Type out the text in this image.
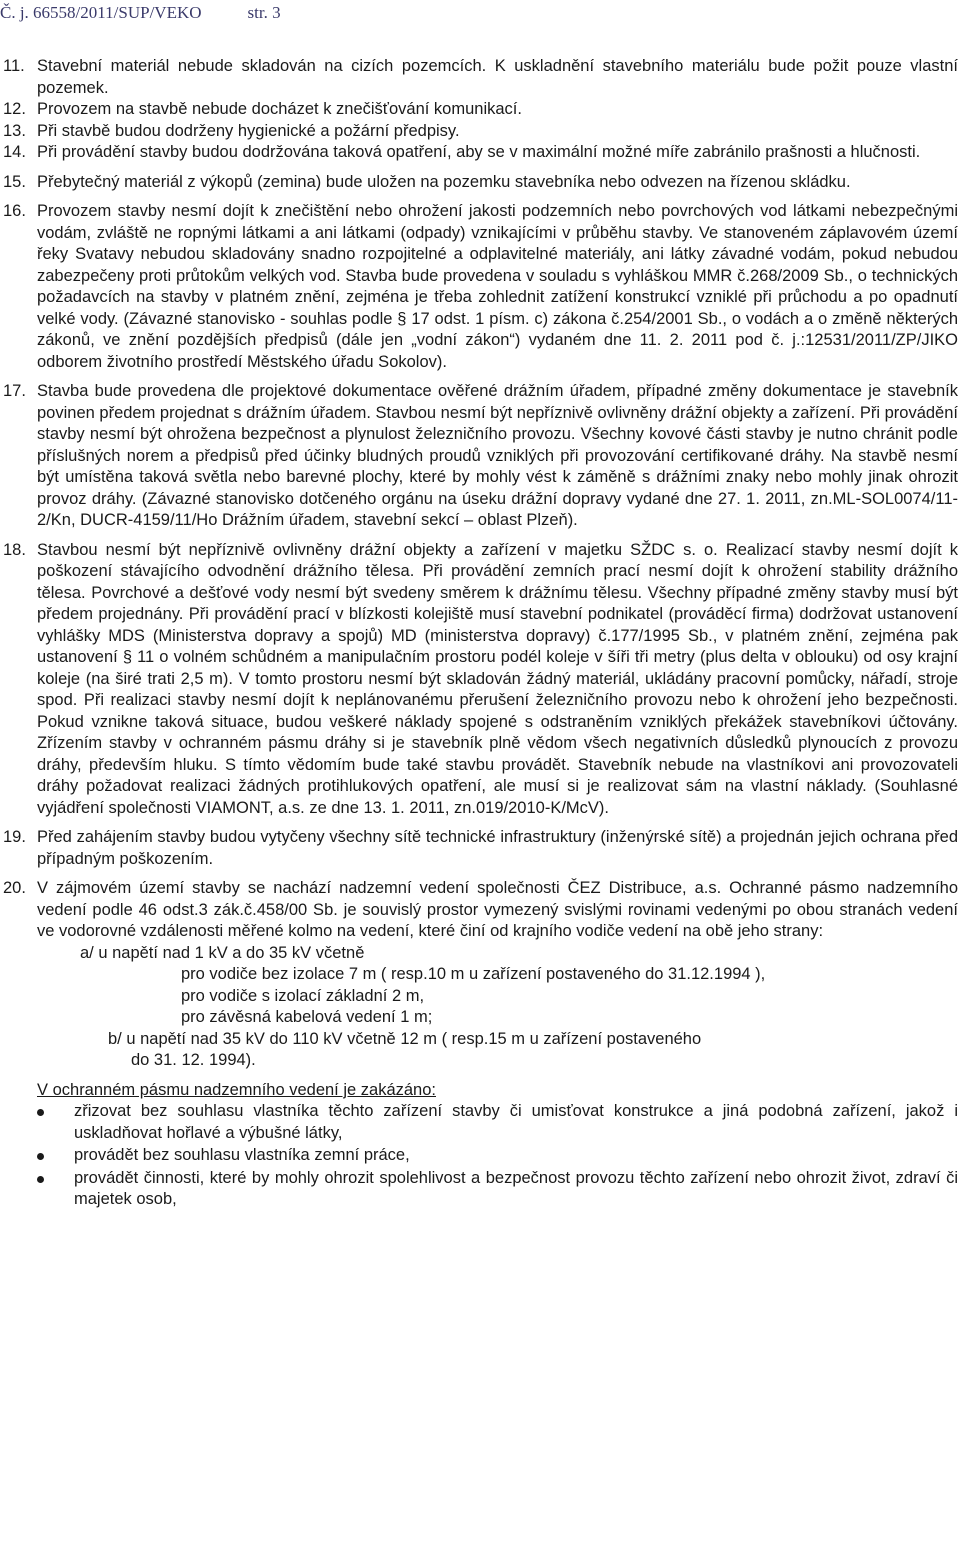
Č. j. 66558/2011/SUP/VEKO	str. 3
11. Stavební materiál nebude skladován na cizích pozemcích. K uskladnění stavebního materiálu bude požit pouze vlastní pozemek.
12. Provozem na stavbě nebude docházet k znečišťování komunikací.
13. Při stavbě budou dodrženy hygienické a požární předpisy.
14. Při provádění stavby budou dodržována taková opatření, aby se v maximální možné míře zabránilo prašnosti a hlučnosti.
15. Přebytečný materiál z výkopů (zemina) bude uložen na pozemku stavebníka nebo odvezen na řízenou skládku.
16. Provozem stavby nesmí dojít k znečištění nebo ohrožení jakosti podzemních nebo povrchových vod látkami nebezpečnými vodám, zvláště ne ropnými látkami a ani látkami (odpady) vznikajícími v průběhu stavby. Ve stanoveném záplavovém území řeky Svatavy nebudou skladovány snadno rozpojitelné a odplavitelné materiály, ani látky závadné vodám, pokud nebudou zabezpečeny proti průtokům velkých vod. Stavba bude provedena v souladu s vyhláškou MMR č.268/2009 Sb., o technických požadavcích na stavby v platném znění, zejména je třeba zohlednit zatížení konstrukcí vzniklé při průchodu a po opadnutí velké vody. (Závazné stanovisko - souhlas podle § 17 odst. 1 písm. c) zákona č.254/2001 Sb., o vodách a o změně některých zákonů, ve znění pozdějších předpisů (dále jen „vodní zákon“) vydaném dne 11. 2. 2011 pod č. j.:12531/2011/ZP/JIKO odborem životního prostředí Městského úřadu Sokolov).
17. Stavba bude provedena dle projektové dokumentace ověřené drážním úřadem, případné změny dokumentace je stavebník povinen předem projednat s drážním úřadem. Stavbou nesmí být nepříznivě ovlivněny drážní objekty a zařízení. Při provádění stavby nesmí být ohrožena bezpečnost a plynulost železničního provozu. Všechny kovové části stavby je nutno chránit podle příslušných norem a předpisů před účinky bludných proudů vzniklých při provozování certifikované dráhy. Na stavbě nesmí být umístěna taková světla nebo barevné plochy, které by mohly vést k záměně s drážními znaky nebo mohly jinak ohrozit provoz dráhy. (Závazné stanovisko dotčeného orgánu na úseku drážní dopravy vydané dne 27. 1. 2011, zn.ML-SOL0074/11-2/Kn, DUCR-4159/11/Ho Drážním úřadem, stavební sekcí – oblast Plzeň).
18. Stavbou nesmí být nepříznivě ovlivněny drážní objekty a zařízení v majetku SŽDC s. o. Realizací stavby nesmí dojít k poškození stávajícího odvodnění drážního tělesa. Při provádění zemních prací nesmí dojít k ohrožení stability drážního tělesa. Povrchové a dešťové vody nesmí být svedeny směrem k drážnímu tělesu. Všechny případné změny stavby musí být předem projednány. Při provádění prací v blízkosti kolejiště musí stavební podnikatel (prováděcí firma) dodržovat ustanovení vyhlášky MDS (Ministerstva dopravy a spojů) MD (ministerstva dopravy) č.177/1995 Sb., v platném znění, zejména pak ustanovení § 11 o volném schůdném a manipulačním prostoru podél koleje v šíři tři metry (plus delta v oblouku) od osy krajní koleje (na širé trati 2,5 m). V tomto prostoru nesmí být skladován žádný materiál, ukládány pracovní pomůcky, nářadí, stroje spod. Při realizaci stavby nesmí dojít k neplánovanému přerušení železničního provozu nebo k ohrožení jeho bezpečnosti. Pokud vznikne taková situace, budou veškeré náklady spojené s odstraněním vzniklých překážek stavebníkovi účtovány. Zřízením stavby v ochranném pásmu dráhy si je stavebník plně vědom všech negativních důsledků plynoucích z provozu dráhy, především hluku. S tímto vědomím bude také stavbu provádět. Stavebník nebude na vlastníkovi ani provozovateli dráhy požadovat realizaci žádných protihlukových opatření, ale musí si je realizovat sám na vlastní náklady. (Souhlasné vyjádření společnosti VIAMONT, a.s. ze dne 13. 1. 2011, zn.019/2010-K/McV).
19. Před zahájením stavby budou vytyčeny všechny sítě technické infrastruktury (inženýrské sítě) a projednán jejich ochrana před případným poškozením.
20. V zájmovém území stavby se nachází nadzemní vedení společnosti ČEZ Distribuce, a.s. Ochranné pásmo nadzemního vedení podle 46 odst.3 zák.č.458/00 Sb. je souvislý prostor vymezený svislými rovinami vedenými po obou stranách vedení ve vodorovné vzdálenosti měřené kolmo na vedení, které činí od krajního vodiče vedení na obě jeho strany:
a/ u napětí nad 1 kV a do 35 kV včetně
pro vodiče bez izolace 7 m ( resp.10 m u zařízení postaveného do 31.12.1994 ),
pro vodiče s izolací základní 2 m,
pro závěsná kabelová vedení 1 m;
b/ u napětí nad 35 kV do 110 kV včetně 12 m ( resp.15 m u zařízení postaveného
do 31. 12. 1994).
V ochranném pásmu nadzemního vedení je zakázáno:
zřizovat bez souhlasu vlastníka těchto zařízení stavby či umisťovat konstrukce a jiná podobná zařízení, jakož i uskladňovat hořlavé a výbušné látky,
provádět bez souhlasu vlastníka zemní práce,
provádět činnosti, které by mohly ohrozit spolehlivost a bezpečnost provozu těchto zařízení nebo ohrozit život, zdraví či majetek osob,
